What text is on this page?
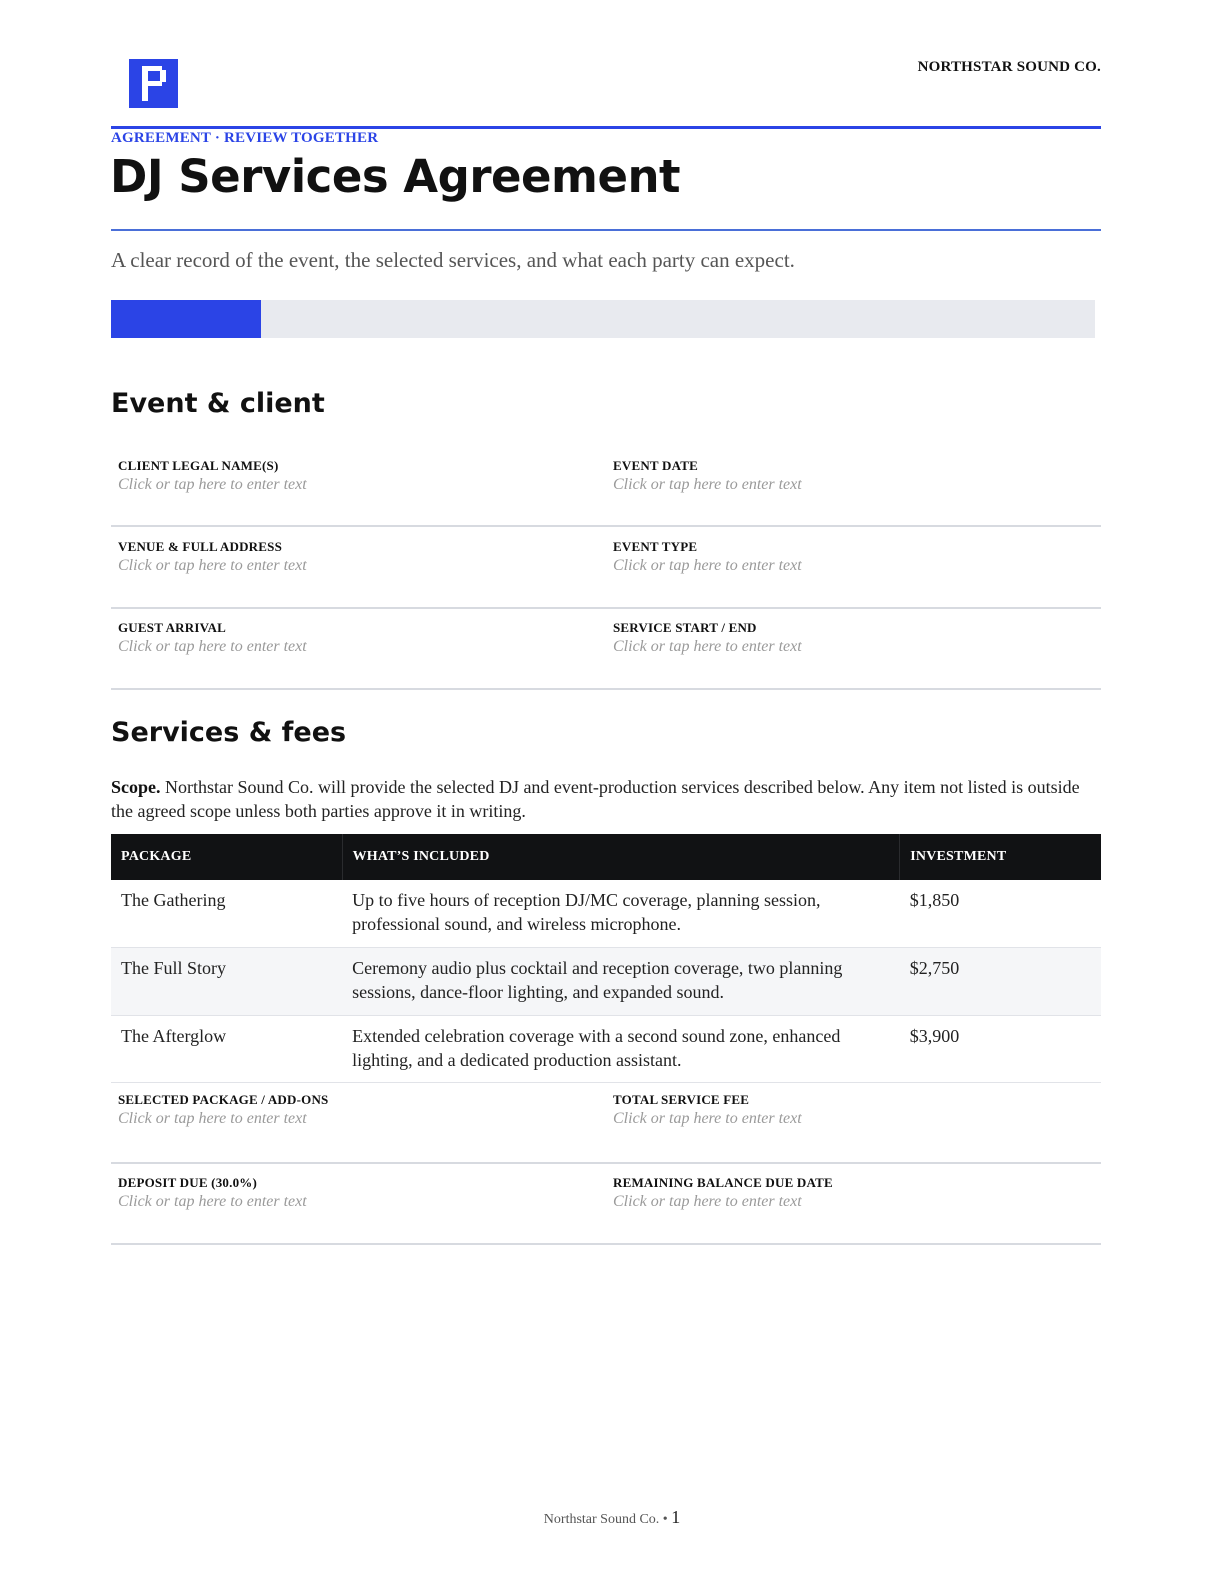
NORTHSTAR SOUND CO.
AGREEMENT · REVIEW TOGETHER
DJ Services Agreement
A clear record of the event, the selected services, and what each party can expect.
Event & client
CLIENT LEGAL NAME(S)
Click or tap here to enter text
EVENT DATE
Click or tap here to enter text
VENUE & FULL ADDRESS
Click or tap here to enter text
EVENT TYPE
Click or tap here to enter text
GUEST ARRIVAL
Click or tap here to enter text
SERVICE START / END
Click or tap here to enter text
Services & fees
Scope. Northstar Sound Co. will provide the selected DJ and event-production services described below. Any item not listed is outside the agreed scope unless both parties approve it in writing.
PACKAGE	WHAT’S INCLUDED	INVESTMENT
The Gathering	Up to five hours of reception DJ/MC coverage, planning session, professional sound, and wireless microphone.	$1,850
The Full Story	Ceremony audio plus cocktail and reception coverage, two planning sessions, dance-floor lighting, and expanded sound.	$2,750
The Afterglow	Extended celebration coverage with a second sound zone, enhanced lighting, and a dedicated production assistant.	$3,900
SELECTED PACKAGE / ADD-ONS
Click or tap here to enter text
TOTAL SERVICE FEE
Click or tap here to enter text
DEPOSIT DUE (30.0%)
Click or tap here to enter text
REMAINING BALANCE DUE DATE
Click or tap here to enter text
Northstar Sound Co. • 1
